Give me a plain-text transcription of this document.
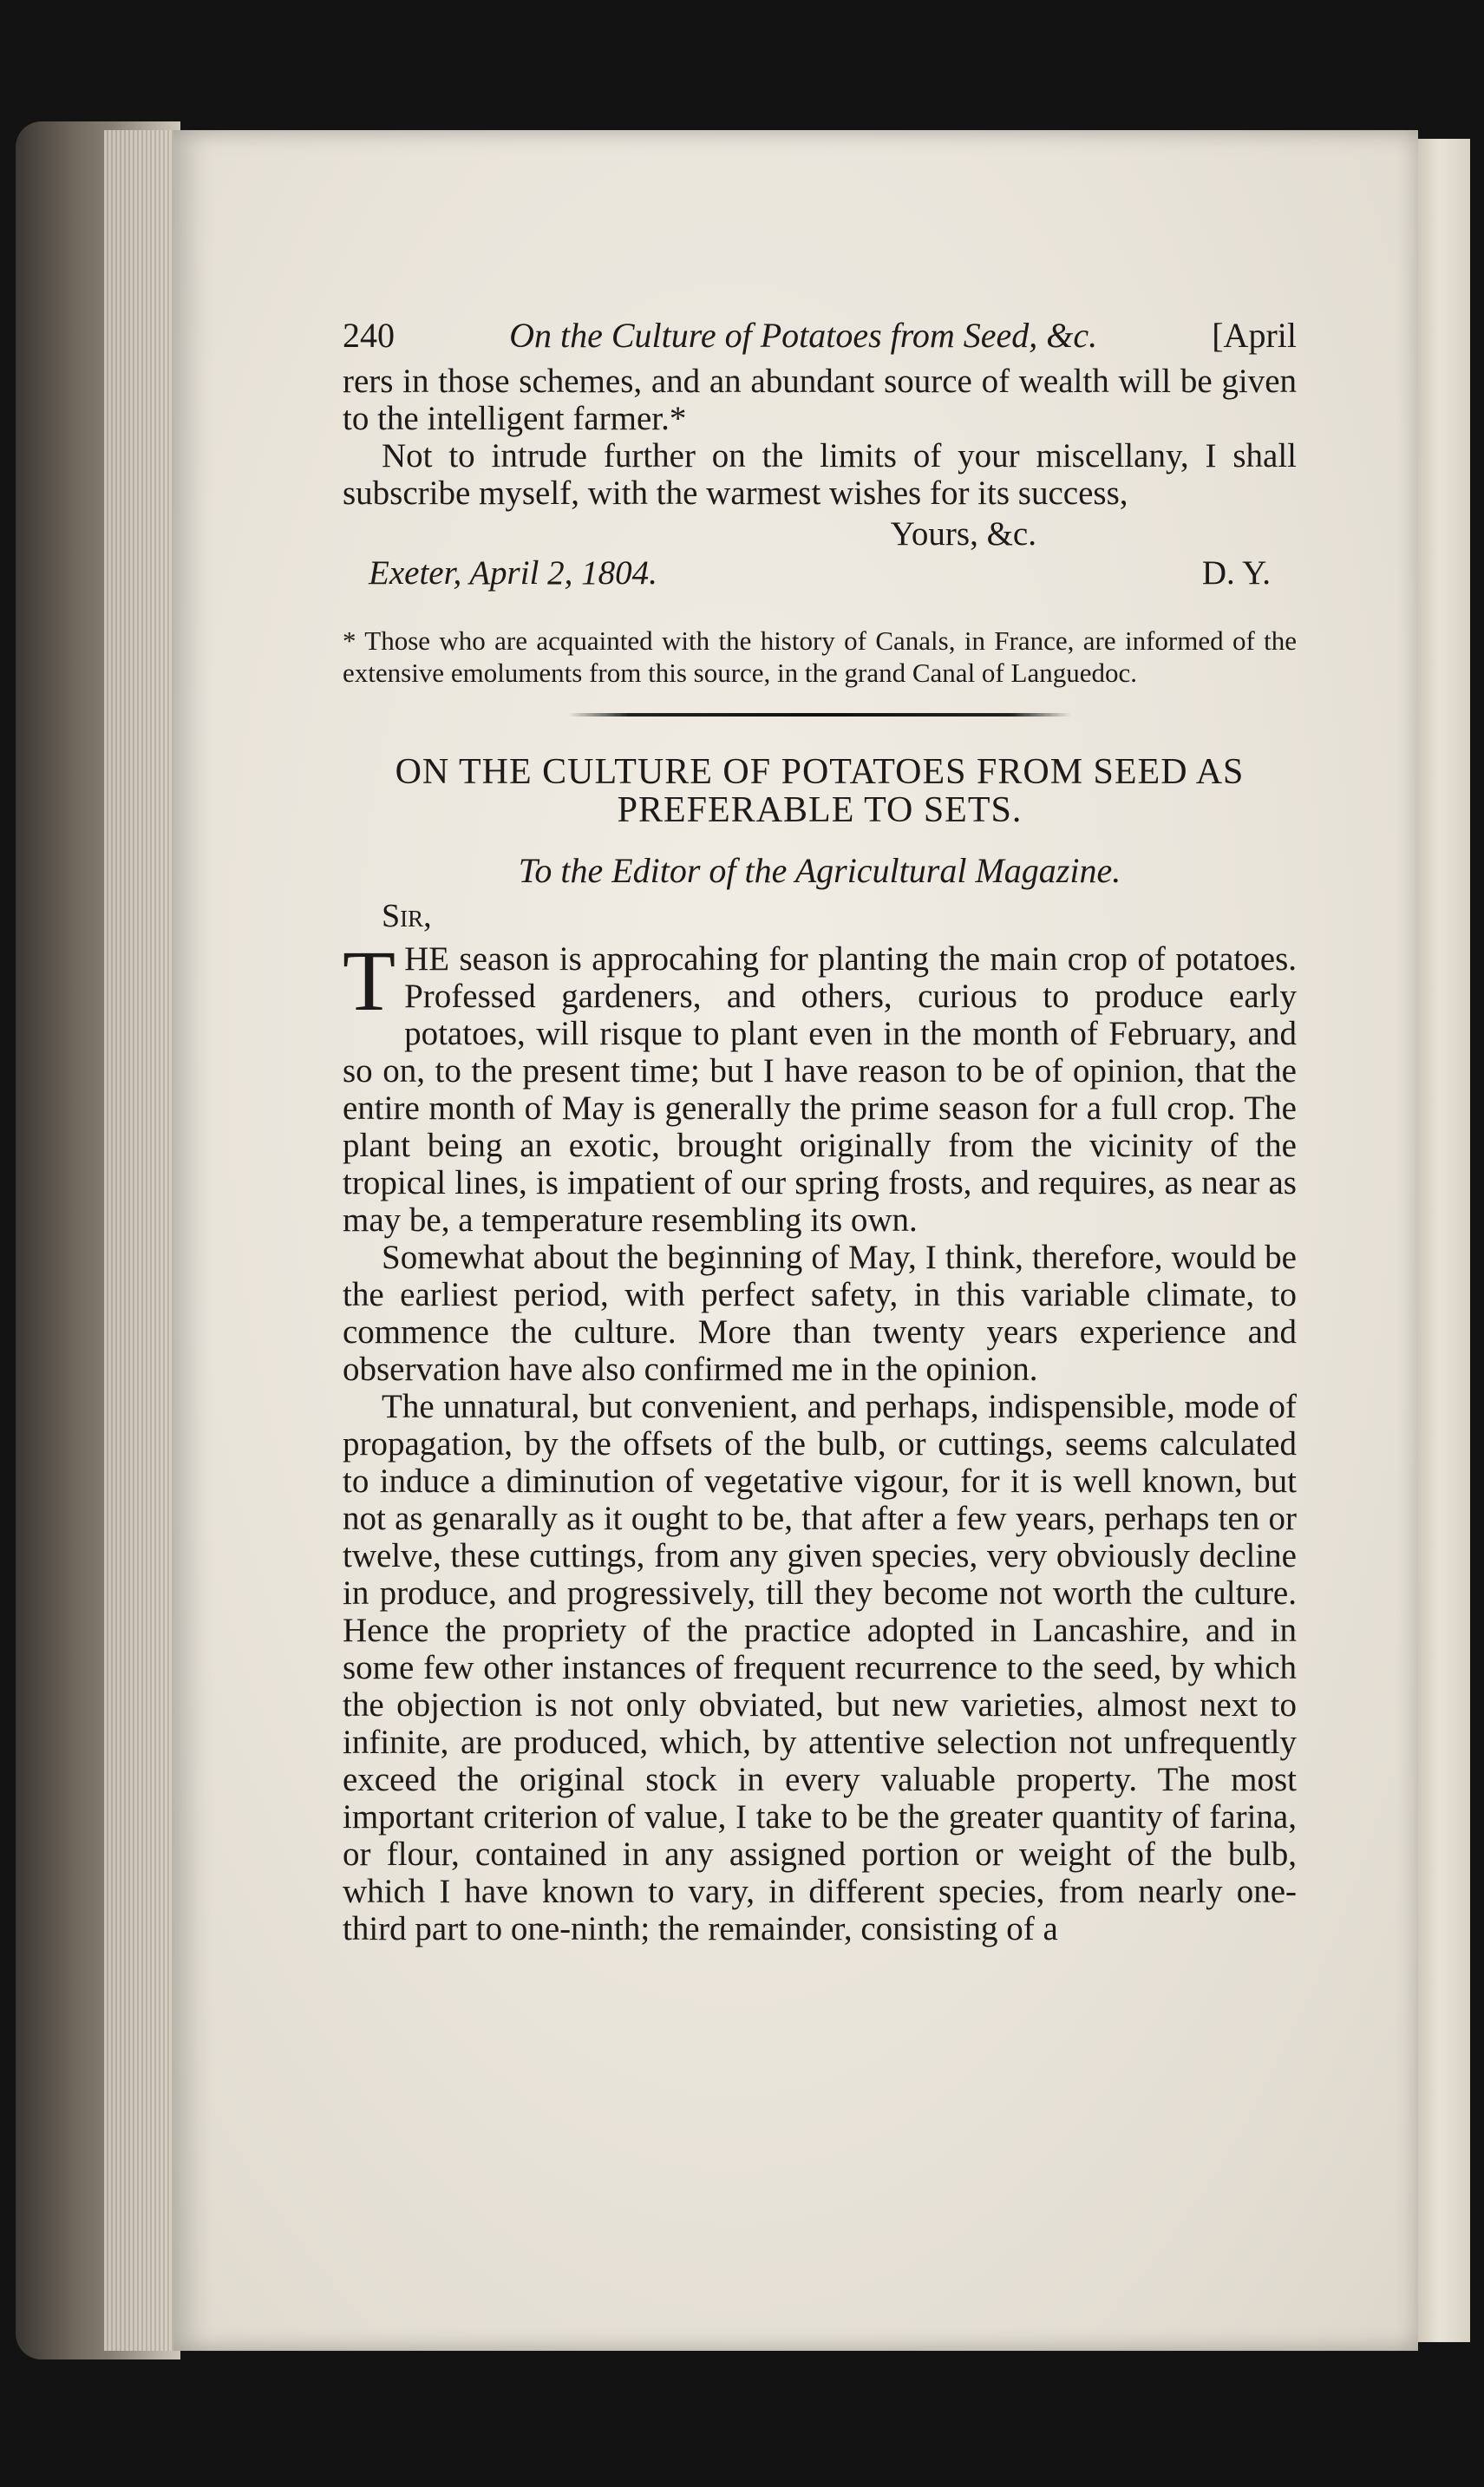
240	On the Culture of Potatoes from Seed, &c.	[April

rers in those schemes, and an abundant source of wealth will be given to the intelligent farmer.*

Not to intrude further on the limits of your miscellany, I shall subscribe myself, with the warmest wishes for its success,

Yours, &c.

Exeter, April 2, 1804.	D. Y.

* Those who are acquainted with the history of Canals, in France, are informed of the extensive emoluments from this source, in the grand Canal of Languedoc.

ON THE CULTURE OF POTATOES FROM SEED AS PREFERABLE TO SETS.
To the Editor of the Agricultural Magazine.
Sir,

THE season is approcahing for planting the main crop of potatoes. Professed gardeners, and others, curious to produce early potatoes, will risque to plant even in the month of February, and so on, to the present time; but I have reason to be of opinion, that the entire month of May is generally the prime season for a full crop. The plant being an exotic, brought originally from the vicinity of the tropical lines, is impatient of our spring frosts, and requires, as near as may be, a temperature resembling its own.

Somewhat about the beginning of May, I think, therefore, would be the earliest period, with perfect safety, in this variable climate, to commence the culture. More than twenty years experience and observation have also confirmed me in the opinion.

The unnatural, but convenient, and perhaps, indispensible, mode of propagation, by the offsets of the bulb, or cuttings, seems calculated to induce a diminution of vegetative vigour, for it is well known, but not as genarally as it ought to be, that after a few years, perhaps ten or twelve, these cuttings, from any given species, very obviously decline in produce, and progressively, till they become not worth the culture. Hence the propriety of the practice adopted in Lancashire, and in some few other instances of frequent recurrence to the seed, by which the objection is not only obviated, but new varieties, almost next to infinite, are produced, which, by attentive selection not unfrequently exceed the original stock in every valuable property. The most important criterion of value, I take to be the greater quantity of farina, or flour, contained in any assigned portion or weight of the bulb, which I have known to vary, in different species, from nearly one-third part to one-ninth; the remainder, consisting of a
